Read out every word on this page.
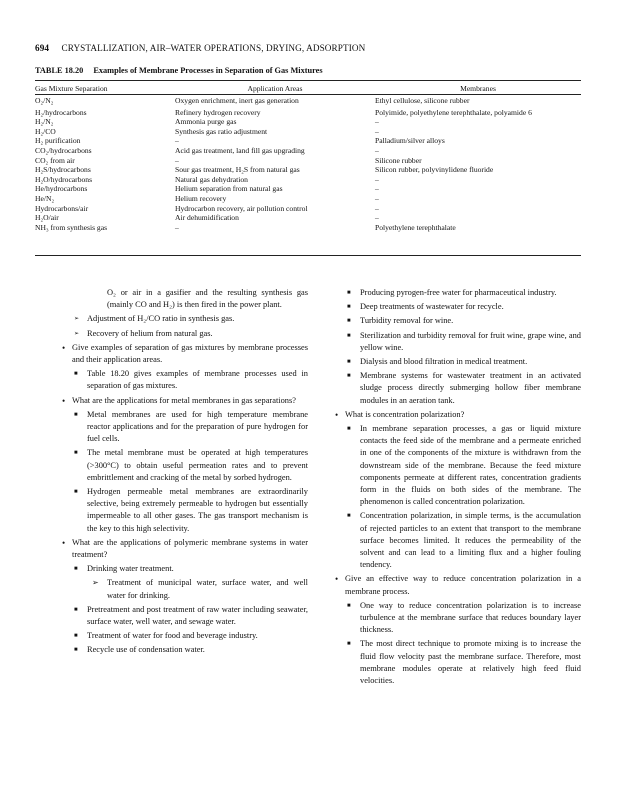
694 CRYSTALLIZATION, AIR–WATER OPERATIONS, DRYING, ADSORPTION
TABLE 18.20 Examples of Membrane Processes in Separation of Gas Mixtures
Gas Mixture Separation	Application Areas	Membranes
O₂/N₂	Oxygen enrichment, inert gas generation	Ethyl cellulose, silicone rubber
H₂/hydrocarbons	Refinery hydrogen recovery	Polyimide, polyethylene terephthalate, polyamide 6
H₂/N₂	Ammonia purge gas	–
H₂/CO	Synthesis gas ratio adjustment	–
H₂ purification	–	Palladium/silver alloys
CO₂/hydrocarbons	Acid gas treatment, land fill gas upgrading	–
CO₂ from air	–	Silicone rubber
H₂S/hydrocarbons	Sour gas treatment, H₂S from natural gas	Silicon rubber, polyvinylidene fluoride
H₂O/hydrocarbons	Natural gas dehydration	–
He/hydrocarbons	Helium separation from natural gas	–
He/N₂	Helium recovery	–
Hydrocarbons/air	Hydrocarbon recovery, air pollution control	–
H₂O/air	Air dehumidification	–
NH₃ from synthesis gas	–	Polyethylene terephthalate
O₂ or air in a gasifier and the resulting synthesis gas (mainly CO and H₂) is then fired in the power plant.
➢ Adjustment of H₂/CO ratio in synthesis gas.
➢ Recovery of helium from natural gas.
• Give examples of separation of gas mixtures by membrane processes and their application areas.
■ Table 18.20 gives examples of membrane processes used in separation of gas mixtures.
• What are the applications for metal membranes in gas separations?
■ Metal membranes are used for high temperature membrane reactor applications and for the preparation of pure hydrogen for fuel cells.
■ The metal membrane must be operated at high temperatures (>300°C) to obtain useful permeation rates and to prevent embrittlement and cracking of the metal by sorbed hydrogen.
■ Hydrogen permeable metal membranes are extraordinarily selective, being extremely permeable to hydrogen but essentially impermeable to all other gases. The gas transport mechanism is the key to this high selectivity.
• What are the applications of polymeric membrane systems in water treatment?
■ Drinking water treatment.
➢ Treatment of municipal water, surface water, and well water for drinking.
■ Pretreatment and post treatment of raw water including seawater, surface water, well water, and sewage water.
■ Treatment of water for food and beverage industry.
■ Recycle use of condensation water.
■ Producing pyrogen-free water for pharmaceutical industry.
■ Deep treatments of wastewater for recycle.
■ Turbidity removal for wine.
■ Sterilization and turbidity removal for fruit wine, grape wine, and yellow wine.
■ Dialysis and blood filtration in medical treatment.
■ Membrane systems for wastewater treatment in an activated sludge process directly submerging hollow fiber membrane modules in an aeration tank.
• What is concentration polarization?
■ In membrane separation processes, a gas or liquid mixture contacts the feed side of the membrane and a permeate enriched in one of the components of the mixture is withdrawn from the downstream side of the membrane. Because the feed mixture components permeate at different rates, concentration gradients form in the fluids on both sides of the membrane. The phenomenon is called concentration polarization.
■ Concentration polarization, in simple terms, is the accumulation of rejected particles to an extent that transport to the membrane surface becomes limited. It reduces the permeability of the solvent and can lead to a limiting flux and a higher fouling tendency.
• Give an effective way to reduce concentration polarization in a membrane process.
■ One way to reduce concentration polarization is to increase turbulence at the membrane surface that reduces boundary layer thickness.
■ The most direct technique to promote mixing is to increase the fluid flow velocity past the membrane surface. Therefore, most membrane modules operate at relatively high feed fluid velocities.
